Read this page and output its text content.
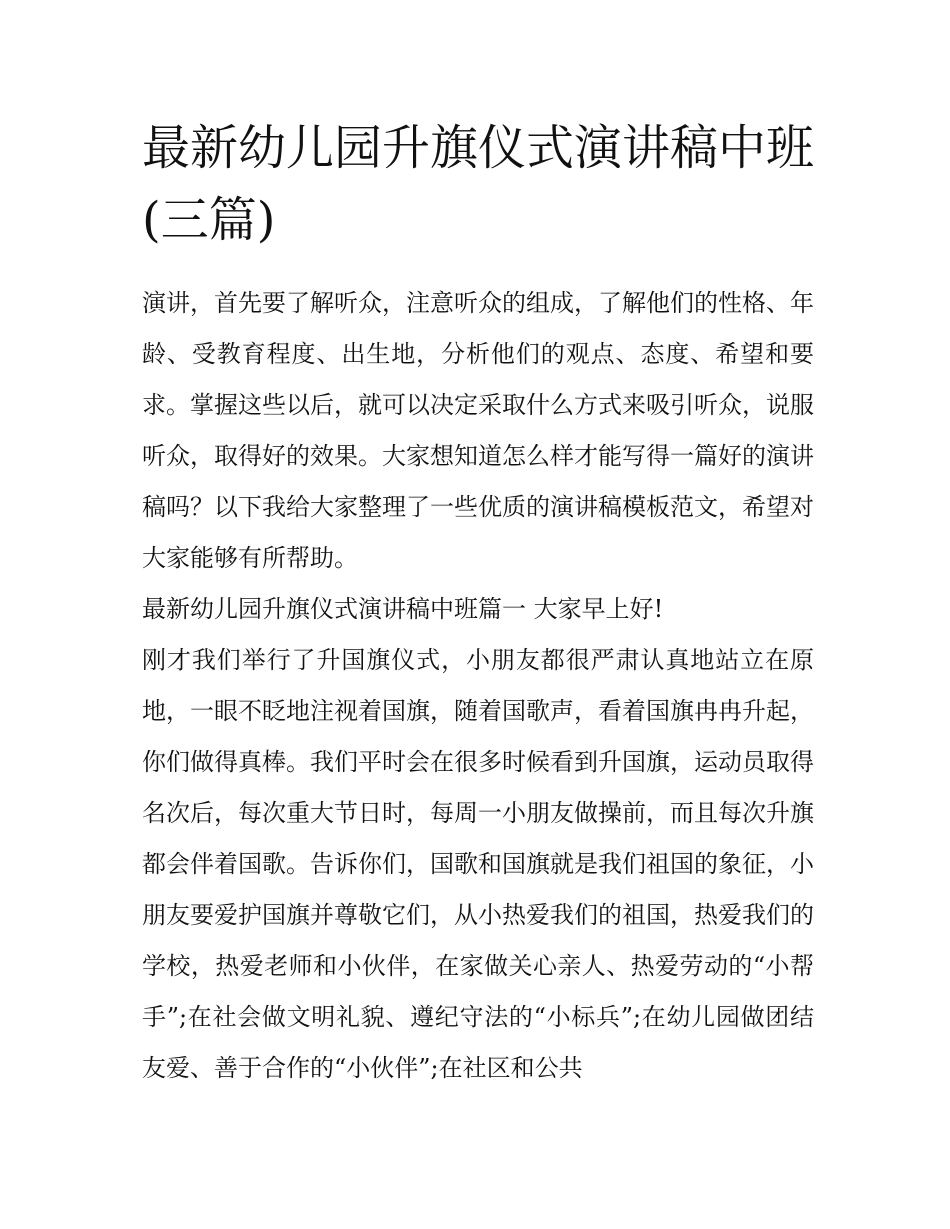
最新幼儿园升旗仪式演讲稿中班(三篇)

演讲，首先要了解听众，注意听众的组成，了解他们的性格、年龄、受教育程度、出生地，分析他们的观点、态度、希望和要求。掌握这些以后，就可以决定采取什么方式来吸引听众，说服听众，取得好的效果。大家想知道怎么样才能写得一篇好的演讲稿吗？以下我给大家整理了一些优质的演讲稿模板范文，希望对大家能够有所帮助。

最新幼儿园升旗仪式演讲稿中班篇一 大家早上好!

刚才我们举行了升国旗仪式，小朋友都很严肃认真地站立在原地，一眼不眨地注视着国旗，随着国歌声，看着国旗冉冉升起，你们做得真棒。我们平时会在很多时候看到升国旗，运动员取得名次后，每次重大节日时，每周一小朋友做操前，而且每次升旗都会伴着国歌。告诉你们，国歌和国旗就是我们祖国的象征，小朋友要爱护国旗并尊敬它们，从小热爱我们的祖国，热爱我们的学校，热爱老师和小伙伴，在家做关心亲人、热爱劳动的“小帮手”;在社会做文明礼貌、遵纪守法的“小标兵”;在幼儿园做团结友爱、善于合作的“小伙伴”;在社区和公共
